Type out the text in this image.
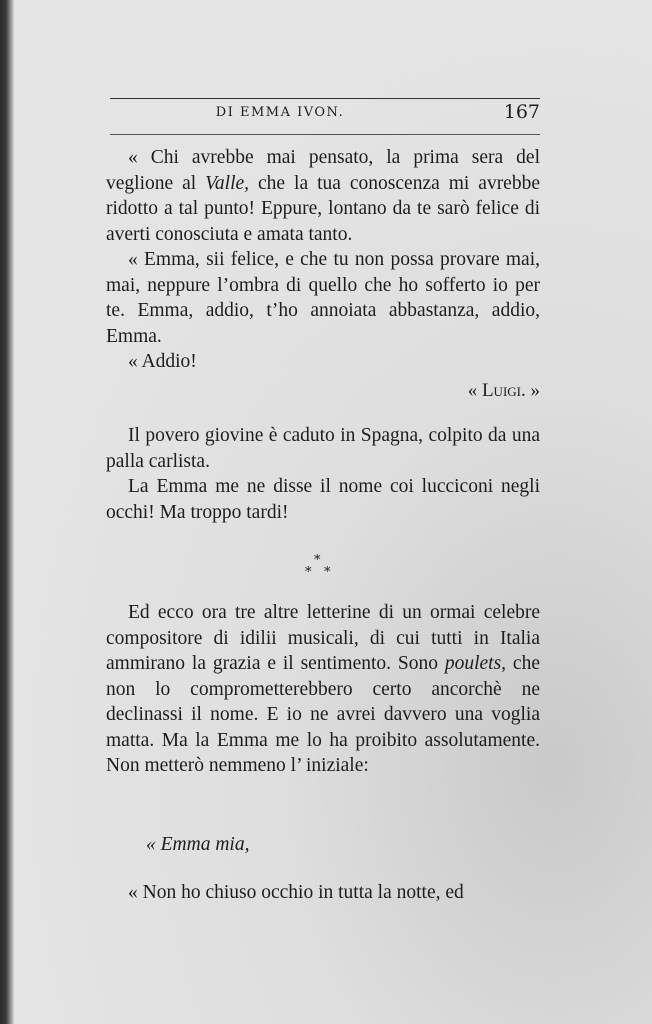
DI EMMA IVON.	167

« Chi avrebbe mai pensato, la prima sera del veglione al Valle, che la tua conoscenza mi avrebbe ridotto a tal punto! Eppure, lontano da te sarò felice di averti conosciuta e amata tanto.

« Emma, sii felice, e che tu non possa provare mai, mai, neppure l’ombra di quello che ho sofferto io per te. Emma, addio, t’ho annoiata abbastanza, addio, Emma.

« Addio!

« Luigi. »

Il povero giovine è caduto in Spagna, colpito da una palla carlista.

La Emma me ne disse il nome coi lucciconi negli occhi! Ma troppo tardi!

*
* *

Ed ecco ora tre altre letterine di un ormai celebre compositore di idilii musicali, di cui tutti in Italia ammirano la grazia e il sentimento. Sono poulets, che non lo comprometterebbero certo ancorchè ne declinassi il nome. E io ne avrei davvero una voglia matta. Ma la Emma me lo ha proibito assolutamente. Non metterò nemmeno l’ iniziale:

« Emma mia,

« Non ho chiuso occhio in tutta la notte, ed
